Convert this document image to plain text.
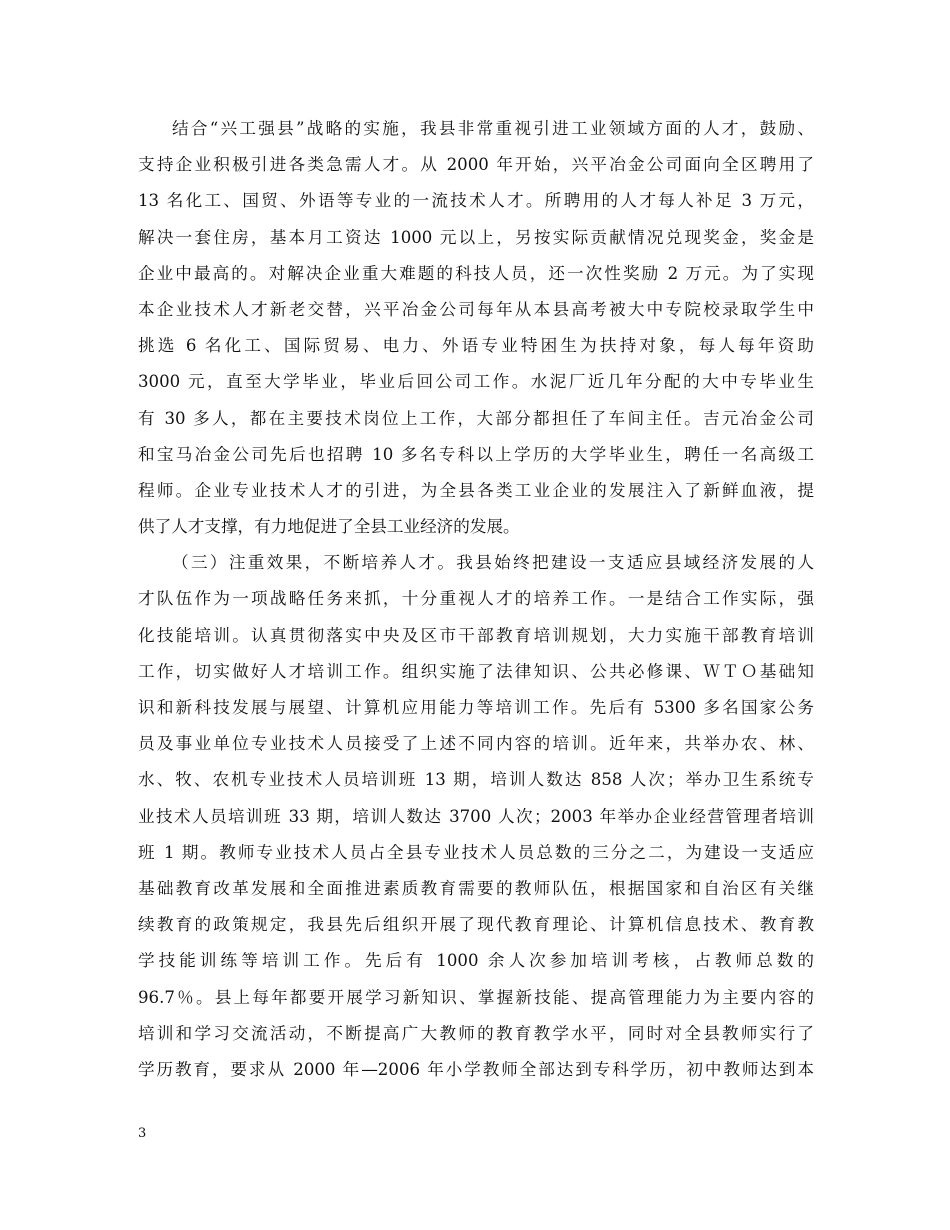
结合“兴工强县”战略的实施，我县非常重视引进工业领域方面的人才，鼓励、
支持企业积极引进各类急需人才。从 2000 年开始，兴平冶金公司面向全区聘用了
13 名化工、国贸、外语等专业的一流技术人才。所聘用的人才每人补足 3 万元，
解决一套住房，基本月工资达 1000 元以上，另按实际贡献情况兑现奖金，奖金是
企业中最高的。对解决企业重大难题的科技人员，还一次性奖励 2 万元。为了实现
本企业技术人才新老交替，兴平冶金公司每年从本县高考被大中专院校录取学生中
挑选 6 名化工、国际贸易、电力、外语专业特困生为扶持对象，每人每年资助
3000 元，直至大学毕业，毕业后回公司工作。水泥厂近几年分配的大中专毕业生
有 30 多人，都在主要技术岗位上工作，大部分都担任了车间主任。吉元冶金公司
和宝马冶金公司先后也招聘 10 多名专科以上学历的大学毕业生，聘任一名高级工
程师。企业专业技术人才的引进，为全县各类工业企业的发展注入了新鲜血液，提
供了人才支撑，有力地促进了全县工业经济的发展。
（三）注重效果，不断培养人才。我县始终把建设一支适应县域经济发展的人
才队伍作为一项战略任务来抓，十分重视人才的培养工作。一是结合工作实际，强
化技能培训。认真贯彻落实中央及区市干部教育培训规划，大力实施干部教育培训
工作，切实做好人才培训工作。组织实施了法律知识、公共必修课、ＷＴＯ基础知
识和新科技发展与展望、计算机应用能力等培训工作。先后有 5300 多名国家公务
员及事业单位专业技术人员接受了上述不同内容的培训。近年来，共举办农、林、
水、牧、农机专业技术人员培训班 13 期，培训人数达 858 人次；举办卫生系统专
业技术人员培训班 33 期，培训人数达 3700 人次；2003 年举办企业经营管理者培训
班 1 期。教师专业技术人员占全县专业技术人员总数的三分之二，为建设一支适应
基础教育改革发展和全面推进素质教育需要的教师队伍，根据国家和自治区有关继
续教育的政策规定，我县先后组织开展了现代教育理论、计算机信息技术、教育教
学技能训练等培训工作。先后有 1000 余人次参加培训考核，占教师总数的
96.7％。县上每年都要开展学习新知识、掌握新技能、提高管理能力为主要内容的
培训和学习交流活动，不断提高广大教师的教育教学水平，同时对全县教师实行了
学历教育，要求从 2000 年—2006 年小学教师全部达到专科学历，初中教师达到本
3
